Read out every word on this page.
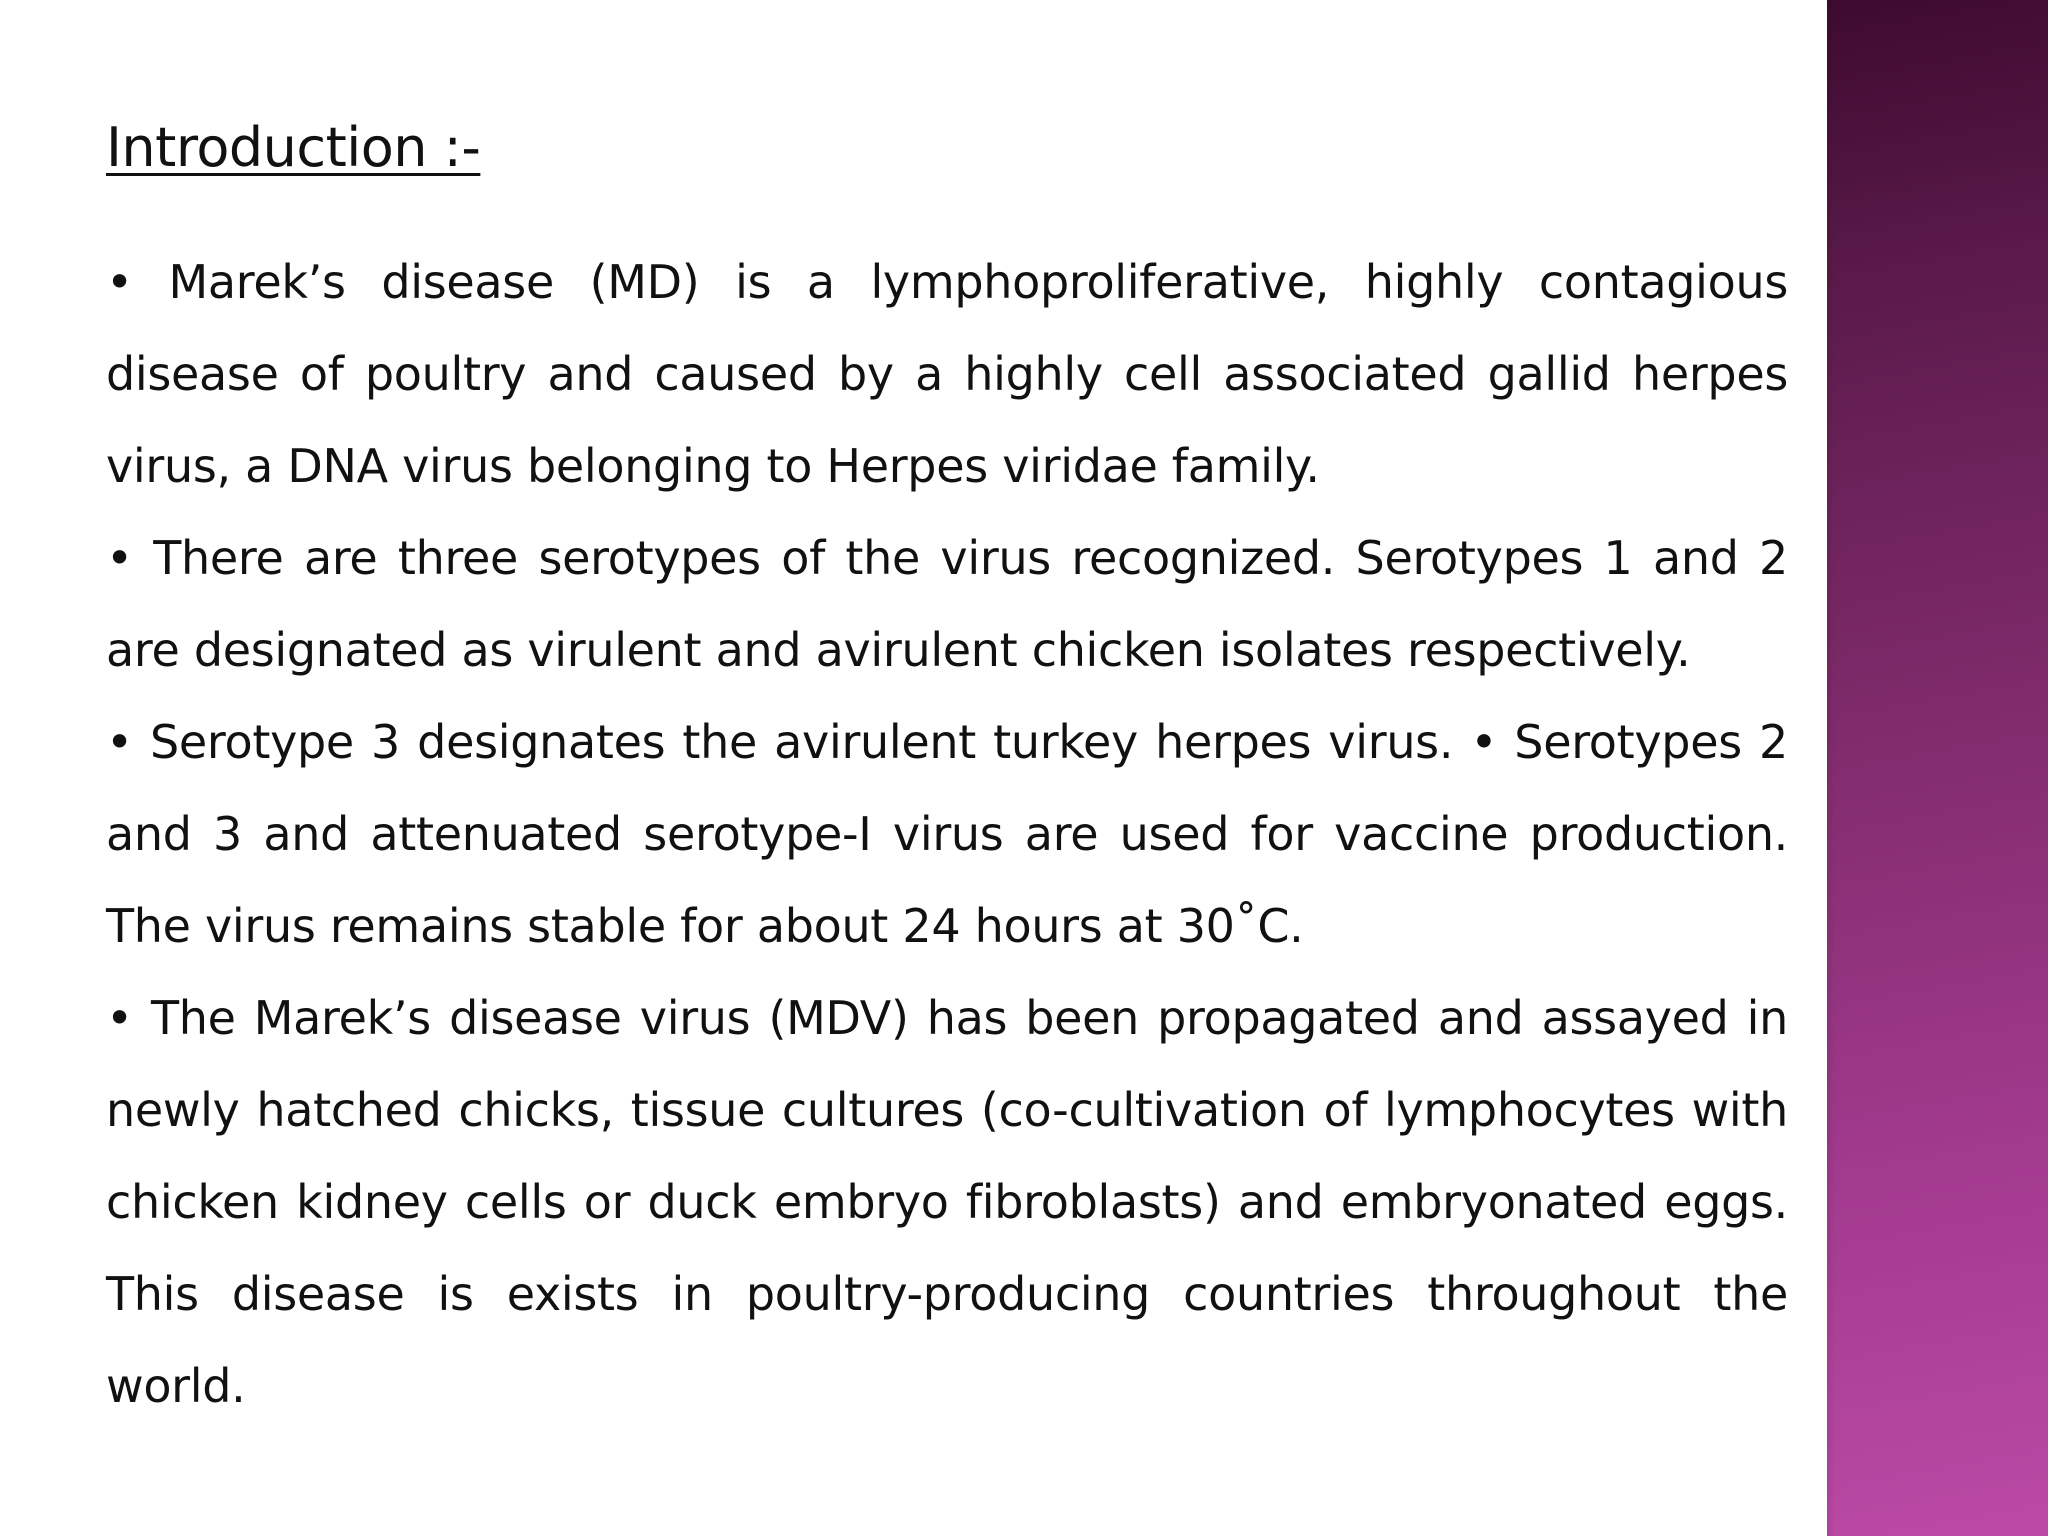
Introduction :-

• Marek’s disease (MD) is a lymphoproliferative, highly contagious disease of poultry and caused by a highly cell associated gallid herpes virus, a DNA virus belonging to Herpes viridae family.

• There are three serotypes of the virus recognized. Serotypes 1 and 2 are designated as virulent and avirulent chicken isolates respectively.

• Serotype 3 designates the avirulent turkey herpes virus. • Serotypes 2 and 3 and attenuated serotype-I virus are used for vaccine production. The virus remains stable for about 24 hours at 30˚C.

• The Marek’s disease virus (MDV) has been propagated and assayed in newly hatched chicks, tissue cultures (co-cultivation of lymphocytes with chicken kidney cells or duck embryo fibroblasts) and embryonated eggs. This disease is exists in poultry-producing countries throughout the world.
